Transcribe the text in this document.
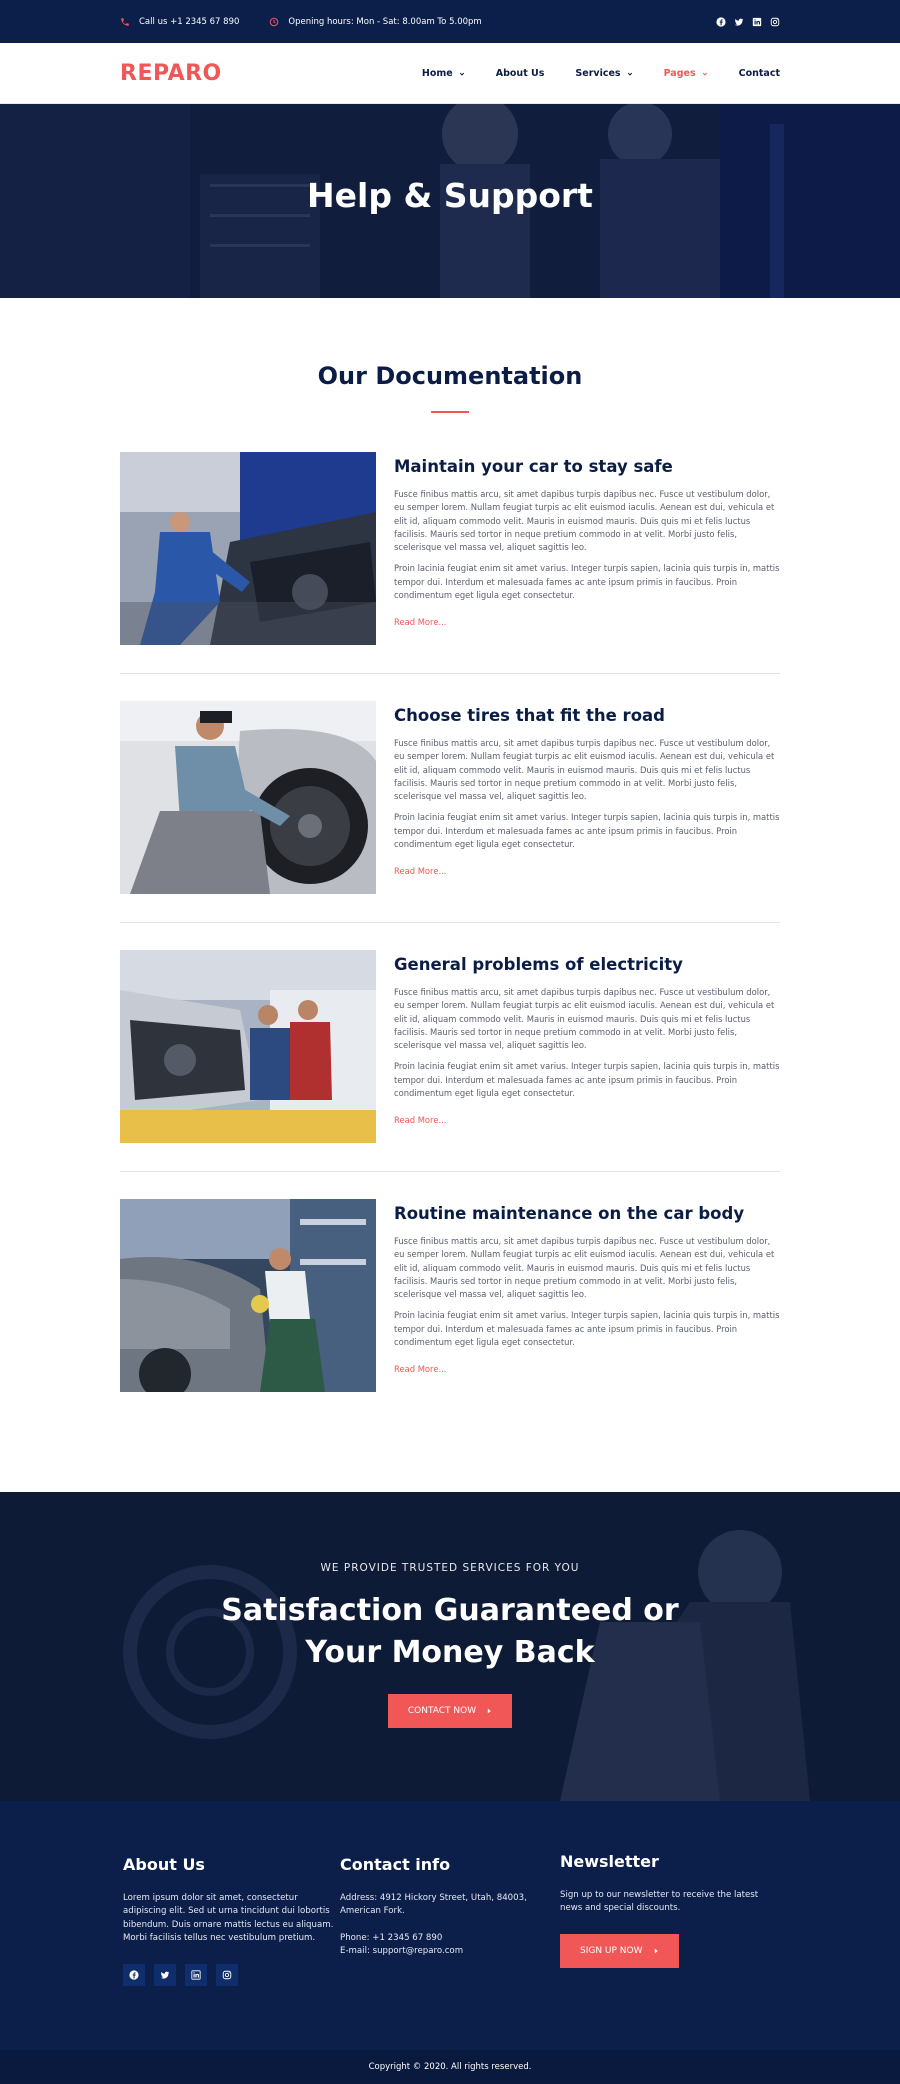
Call us +1 2345 67 890	Opening hours: Mon - Sat: 8.00am To 5.00pm
REPARO	Home	About Us	Services	Pages	Contact
Help & Support
Our Documentation
Maintain your car to stay safe

Fusce finibus mattis arcu, sit amet dapibus turpis dapibus nec. Fusce ut vestibulum dolor, eu semper lorem. Nullam feugiat turpis ac elit euismod iaculis. Aenean est dui, vehicula et elit id, aliquam commodo velit. Mauris in euismod mauris. Duis quis mi et felis luctus facilisis. Mauris sed tortor in neque pretium commodo in at velit. Morbi justo felis, scelerisque vel massa vel, aliquet sagittis leo.

Proin lacinia feugiat enim sit amet varius. Integer turpis sapien, lacinia quis turpis in, mattis tempor dui. Interdum et malesuada fames ac ante ipsum primis in faucibus. Proin condimentum eget ligula eget consectetur.

Read More...
Choose tires that fit the road

Fusce finibus mattis arcu, sit amet dapibus turpis dapibus nec. Fusce ut vestibulum dolor, eu semper lorem. Nullam feugiat turpis ac elit euismod iaculis. Aenean est dui, vehicula et elit id, aliquam commodo velit. Mauris in euismod mauris. Duis quis mi et felis luctus facilisis. Mauris sed tortor in neque pretium commodo in at velit. Morbi justo felis, scelerisque vel massa vel, aliquet sagittis leo.

Proin lacinia feugiat enim sit amet varius. Integer turpis sapien, lacinia quis turpis in, mattis tempor dui. Interdum et malesuada fames ac ante ipsum primis in faucibus. Proin condimentum eget ligula eget consectetur.

Read More...
General problems of electricity

Fusce finibus mattis arcu, sit amet dapibus turpis dapibus nec. Fusce ut vestibulum dolor, eu semper lorem. Nullam feugiat turpis ac elit euismod iaculis. Aenean est dui, vehicula et elit id, aliquam commodo velit. Mauris in euismod mauris. Duis quis mi et felis luctus facilisis. Mauris sed tortor in neque pretium commodo in at velit. Morbi justo felis, scelerisque vel massa vel, aliquet sagittis leo.

Proin lacinia feugiat enim sit amet varius. Integer turpis sapien, lacinia quis turpis in, mattis tempor dui. Interdum et malesuada fames ac ante ipsum primis in faucibus. Proin condimentum eget ligula eget consectetur.

Read More...
Routine maintenance on the car body

Fusce finibus mattis arcu, sit amet dapibus turpis dapibus nec. Fusce ut vestibulum dolor, eu semper lorem. Nullam feugiat turpis ac elit euismod iaculis. Aenean est dui, vehicula et elit id, aliquam commodo velit. Mauris in euismod mauris. Duis quis mi et felis luctus facilisis. Mauris sed tortor in neque pretium commodo in at velit. Morbi justo felis, scelerisque vel massa vel, aliquet sagittis leo.

Proin lacinia feugiat enim sit amet varius. Integer turpis sapien, lacinia quis turpis in, mattis tempor dui. Interdum et malesuada fames ac ante ipsum primis in faucibus. Proin condimentum eget ligula eget consectetur.

Read More...
WE PROVIDE TRUSTED SERVICES FOR YOU
Satisfaction Guaranteed or
Your Money Back
CONTACT NOW
About Us

Lorem ipsum dolor sit amet, consectetur adipiscing elit. Sed ut urna tincidunt dui lobortis bibendum. Duis ornare mattis lectus eu aliquam. Morbi facilisis tellus nec vestibulum pretium.

Contact info

Address: 4912 Hickory Street, Utah, 84003, American Fork.

Phone: +1 2345 67 890

E-mail: support@reparo.com

Newsletter

Sign up to our newsletter to receive the latest news and special discounts.

SIGN UP NOW
Copyright © 2020. All rights reserved.
